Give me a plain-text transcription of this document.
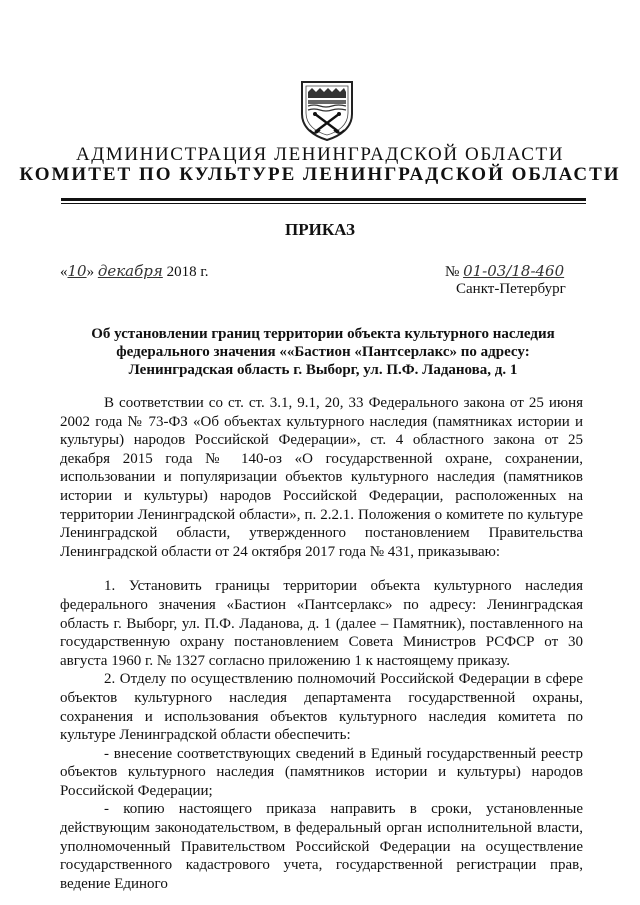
АДМИНИСТРАЦИЯ ЛЕНИНГРАДСКОЙ ОБЛАСТИ
КОМИТЕТ ПО КУЛЬТУРЕ ЛЕНИНГРАДСКОЙ ОБЛАСТИ
ПРИКАЗ
«10» декабря 2018 г.	№ 01-03/18-460
Санкт-Петербург
Об установлении границ территории объекта культурного наследия федерального значения ««Бастион «Пантсерлакс» по адресу: Ленинградская область г. Выборг, ул. П.Ф. Ладанова, д. 1

В соответствии со ст. ст. 3.1, 9.1, 20, 33 Федерального закона от 25 июня 2002 года № 73-ФЗ «Об объектах культурного наследия (памятниках истории и культуры) народов Российской Федерации», ст. 4 областного закона от 25 декабря 2015 года № 140-оз «О государственной охране, сохранении, использовании и популяризации объектов культурного наследия (памятников истории и культуры) народов Российской Федерации, расположенных на территории Ленинградской области», п. 2.2.1. Положения о комитете по культуре Ленинградской области, утвержденного постановлением Правительства Ленинградской области от 24 октября 2017 года № 431, приказываю:

1. Установить границы территории объекта культурного наследия федерального значения «Бастион «Пантсерлакс» по адресу: Ленинградская область г. Выборг, ул. П.Ф. Ладанова, д. 1 (далее – Памятник), поставленного на государственную охрану постановлением Совета Министров РСФСР от 30 августа 1960 г. № 1327 согласно приложению 1 к настоящему приказу.

2. Отделу по осуществлению полномочий Российской Федерации в сфере объектов культурного наследия департамента государственной охраны, сохранения и использования объектов культурного наследия комитета по культуре Ленинградской области обеспечить:

- внесение соответствующих сведений в Единый государственный реестр объектов культурного наследия (памятников истории и культуры) народов Российской Федерации;

- копию настоящего приказа направить в сроки, установленные действующим законодательством, в федеральный орган исполнительной власти, уполномоченный Правительством Российской Федерации на осуществление государственного кадастрового учета, государственной регистрации прав, ведение Единого
